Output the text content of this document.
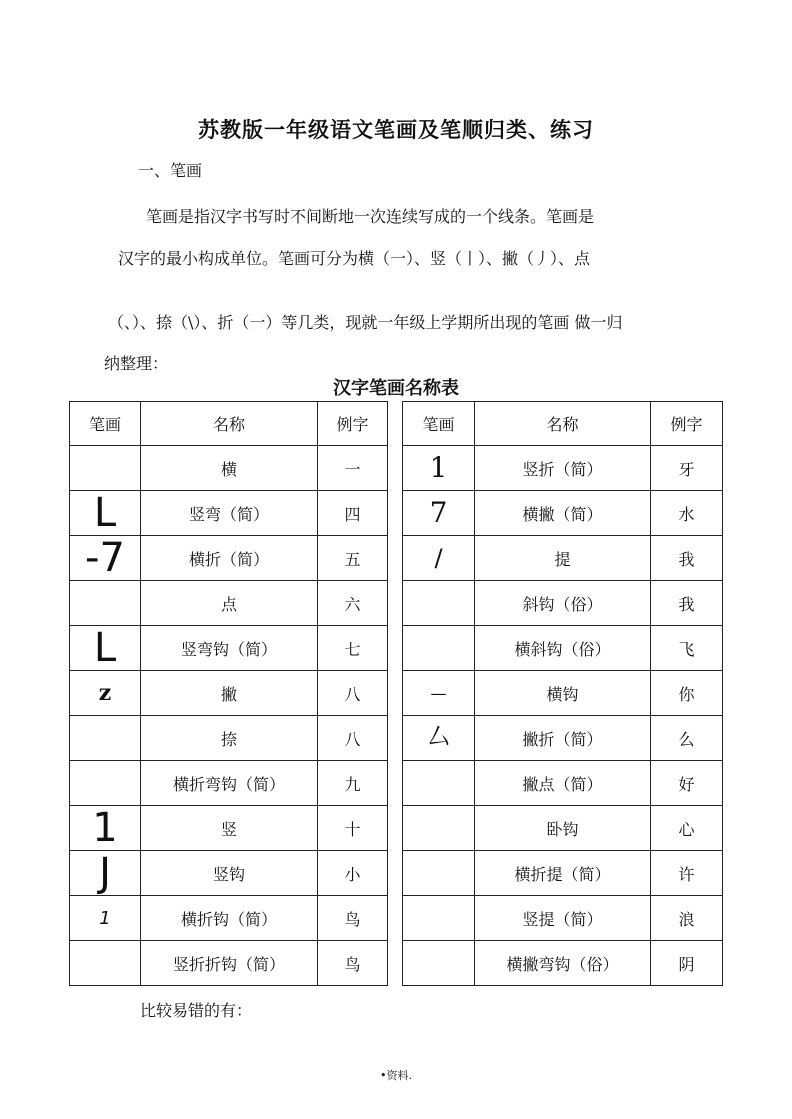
苏教版一年级语文笔画及笔顺归类、练习
一、笔画
笔画是指汉字书写时不间断地一次连续写成的一个线条。笔画是
汉字的最小构成单位。笔画可分为横（一）、竖（丨）、撇（丿）、点
（、）、捺（\）、折（一）等几类，现就一年级上学期所出现的笔画 做一归
纳整理：
汉字笔画名称表
笔画	名称	例字		笔画	名称	例字
	横	一		1	竖折（简）	牙
L	竖弯（简）	四		7	横撇（简）	水
-7	横折（简）	五		/	提	我
	点	六			斜钩（俗）	我
L	竖弯钩（简）	七			横斜钩（俗）	飞
z	撇	八		—	横钩	你
	捺	八		厶	撇折（简）	么
	横折弯钩（简）	九			撇点（简）	好
1	竖	十			卧钩	心
J	竖钩	小			横折提（简）	许
1	横折钩（简）	鸟			竖提（简）	浪
	竖折折钩（简）	鸟			横撇弯钩（俗）	阴
比较易错的有：
•资料.
